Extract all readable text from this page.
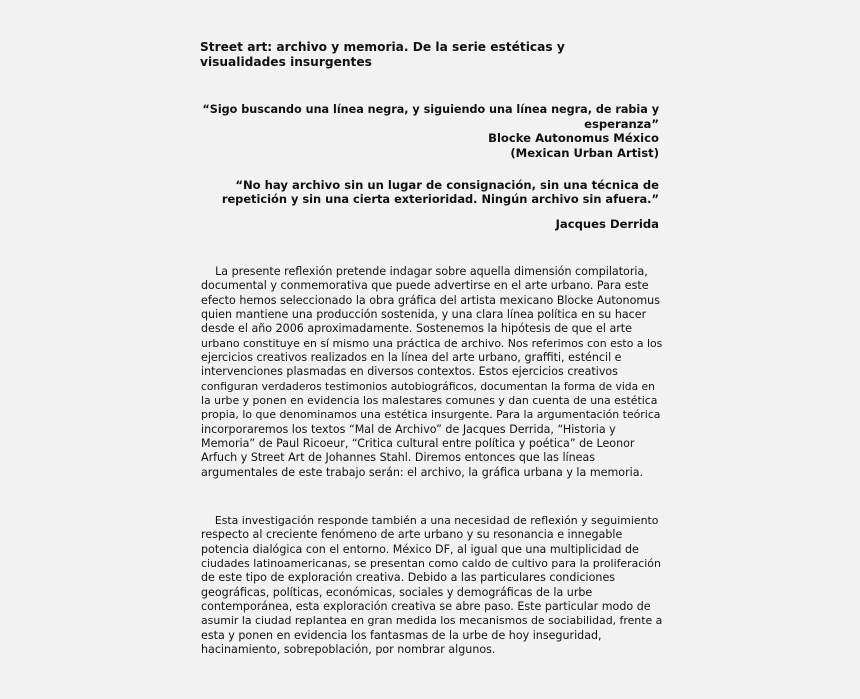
Street art: archivo y memoria. De la serie estéticas y visualidades insurgentes
“Sigo buscando una línea negra, y siguiendo una línea negra, de rabia y
esperanza”
Blocke Autonomus México
(Mexican Urban Artist)
“No hay archivo sin un lugar de consignación, sin una técnica de
repetición y sin una cierta exterioridad. Ningún archivo sin afuera.”
Jacques Derrida
La presente reflexión pretende indagar sobre aquella dimensión compilatoria,
documental y conmemorativa que puede advertirse en el arte urbano. Para este
efecto hemos seleccionado la obra gráfica del artista mexicano Blocke Autonomus
quien mantiene una producción sostenida, y una clara línea política en su hacer
desde el año 2006 aproximadamente. Sostenemos la hipótesis de que el arte
urbano constituye en sí mismo una práctica de archivo. Nos referimos con esto a los
ejercicios creativos realizados en la línea del arte urbano, graffiti, esténcil e
intervenciones plasmadas en diversos contextos. Estos ejercicios creativos
configuran verdaderos testimonios autobiográficos, documentan la forma de vida en
la urbe y ponen en evidencia los malestares comunes y dan cuenta de una estética
propia, lo que denominamos una estética insurgente. Para la argumentación teórica
incorporaremos los textos “Mal de Archivo” de Jacques Derrida, “Historia y
Memoria” de Paul Ricoeur, “Critica cultural entre política y poética” de Leonor
Arfuch y Street Art de Johannes Stahl. Diremos entonces que las líneas
argumentales de este trabajo serán: el archivo, la gráfica urbana y la memoria.
Esta investigación responde también a una necesidad de reflexión y seguimiento
respecto al creciente fenómeno de arte urbano y su resonancia e innegable
potencia dialógica con el entorno. México DF, al igual que una multiplicidad de
ciudades latinoamericanas, se presentan como caldo de cultivo para la proliferación
de este tipo de exploración creativa. Debido a las particulares condiciones
geográficas, políticas, económicas, sociales y demográficas de la urbe
contemporánea, esta exploración creativa se abre paso. Este particular modo de
asumir la ciudad replantea en gran medida los mecanismos de sociabilidad, frente a
esta y ponen en evidencia los fantasmas de la urbe de hoy inseguridad,
hacinamiento, sobrepoblación, por nombrar algunos.
